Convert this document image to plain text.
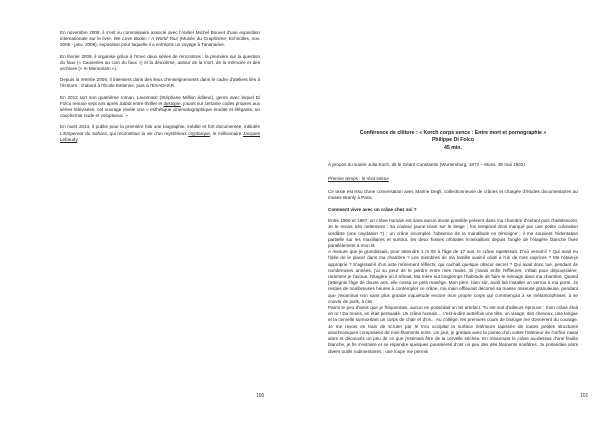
En novembre 2008, il s'est vu commissaire associé avec l'Atelier Michel Bouvet d'une exposition internationale sur le livre, We Love Books ! A World Tour (Musée du Graphisme, Echirolles, nov. 2008 - janv. 2009), exposition pour laquelle il a entrepris un voyage à Tananarive.

En février 2009, il organise grâce à l'Imec deux séries de rencontres : la première sur la question du faux (« Causeries au coin du faux ») et la deuxième, autour de la mort, de la mémoire et des archives (« In Memoriam »).

Depuis la rentrée 2009, il intervient dans des lieux d'enseignements dans le cadre d'ateliers liés à l'écriture : d'abord à l'École Estienne, puis à l'ESADHAR.

En 2013 sort son quatrième roman, Lavomatic (Stéphane Million éditeur), genre avec lequel Di Folco renoue sept ans après Sabot entre thriller et dystopie, jouant sur certaine codes propres aux séries télévisées, cet ouvrage révèle une « esthétique cinématographique érudite et élégante, un cauchemar nude et voluptueux. »

En mars 2014, il publie pour la première fois une biographie, inédite et fort documentée, intitulée L'Empereur du Sahara, qui reconstitue la vie d'un mystérieux cryptarque, le millionnaire Jacques Lebaudy.

100

Conférence de clôture : « Korch corps sence : Entre mort et pornographie »

Philippe Di Folco

45 min.

À propos du suaire Julia Koch, dit le Géant Constantin (Wurtemburg, 1872 – Mons, 30 mai 1902)

Premier temps : le récit intime

Ce texte est issu d'une conversation avec Marine Degli, collectionneuse de crânes et chargée d'études documentaires au musée Branly à Paris.

Comment vivre avec un crâne chez soi ?

Entre 1969 et 1987, un crâne humain est sans aucun doute possible présent dans ma chambre d'enfant puis d'adolescent. Je le revois très nettement : sa couleur jaune tirant sur le beige ; fos temporal droit marqué par une petite coloration verdâtre (une oxydation ?) ; un crâne incomplet, l'absence de la mandibule en témoigne ; il me souvient l'édentation partielle sur les maxillaires et surtout, les deux fosses orbitales m'assaillant depuis l'angle de l'étagère blanche fixée parallèlement à mon lit.

A mesure que je grandissais, pour atteindre 1 m 92 à l'âge de 17 ans, le crâne rapetissait. D'où venait-il ? Qui avait eu l'idée de le placer dans ma chambre ? Les membres de ma famille avait-il cédé à l'un de mes caprices ? Me l'étais-je approprié ? S'agissait-il d'un acte mûrement réfléchi, qui cachait quelque obscur secret ? Qui avait donc tué, pendant de nombreuses années, j'ai su peur de le perdre entre mes mains. Si j'osais enfin l'effleurer, c'était pour dépoussiérer, rarement je l'avoue, l'étagère où il trônait. Ma mère eut longtemps l'habitude de faire le ménage dans ma chambre. Quand j'atteignis l'âge de douze ans, elle cessa ce petit manège. Mon père, bien sûr, avait fait installer un verrou à ma porte. Je restais de nombreuses heures à contempler ce crâne, ma main effleurait décorné sa masse osseuse granuleuse, pendant que j'examinai non sans plus grande inquiétude encore mon propre corps qui commençait à se métamorphoser, à se couvrir de poils, à cler.

Parmi le peu d'amis que je fréquentais, aucun ne possédait un tel artefact. Tu est soit d'ailleurs éprouve : mon crâne était en or ! Du moins, en était persuadé. Un crâne humain... c'est-à-dire autrefois une tête, un visage, des cheveux, une langue et la cervelle surmontant un corps de chair et d'os... Au collège, les premiers cours de biologie me donnèrent du courage. Je me revois en train de scruter par le trou occipital la surface intérieure tapissée de toutes petites structures anachroniques composées de mini-filaments noirs. Un jour, je grattais avec la pointe d'un cutter l'intérieur de l'orifice nasal alors et découvris un peu de ce que j'estimais être de la cervelle séchée. En retournant le crâne au-dessus d'une feuille blanche, je fis s'extraire et se répandre quelques poussières d'ont un peu des dés filaments noirâtres. Je possédais alors divers outils rudimentaires : une loupe me permis

101
